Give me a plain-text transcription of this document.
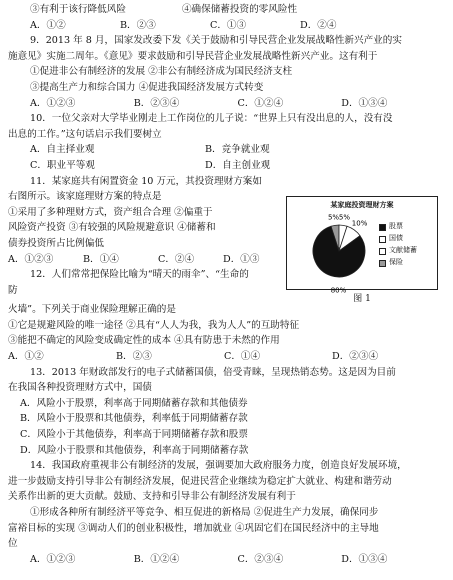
③有利于该行降低风险	④确保储蓄投资的零风险性
A．①②	B．②③	C．①③	D．②④
9．2013 年 8 月，国家发改委下发《关于鼓励和引导民营企业发展战略性新兴产业的实
施意见》实施二周年。《意见》要求鼓励和引导民营企业发展战略性新兴产业。这有利于
①促进非公有制经济的发展 ②非公有制经济成为国民经济支柱
③提高生产力和综合国力 ④促进我国经济发展方式转变
A．①②③	B．②③④	C．①②④	D．①③④
10．一位父亲对大学毕业刚走上工作岗位的儿子说：“世界上只有没出息的人，没有没
出息的工作。”这句话启示我们要树立
A．自主择业观	B．竞争就业观
C．职业平等观	D．自主创业观
11．某家庭共有闲置资金 10 万元，其投资理财方案如
右图所示。该家庭理财方案的特点是
①采用了多种理财方式，资产组合合理 ②偏重于
风险资产投资 ③有较强的风险规避意识 ④储蓄和
债券投资所占比例偏低
A．①②③	B．①④	C．②④	D．①③
某家庭投资理财方案
5% 5%
10%
80%
股票
国债
文献储蓄
保险
图 1
12．人们常常把保险比喻为“晴天的雨伞”、“生命的
防
火墙”。下列关于商业保险理解正确的是
①它是规避风险的唯一途径 ②具有“人人为我，我为人人”的互助特征
③能把不确定的风险变成确定性的成本 ④具有防患于未然的作用
A．①②	B．②③	C．①④	D．②③④
13．2013 年财政部发行的电子式储蓄国债，倍受青睐，呈现热销态势。这是因为目前
在我国各种投资理财方式中，国债
A．风险小于股票，利率高于同期储蓄存款和其他债券
B．风险小于股票和其他债券，利率低于同期储蓄存款
C．风险小于其他债券，利率高于同期储蓄存款和股票
D．风险小于股票和其他债券，利率高于同期储蓄存款
14．我国政府重视非公有制经济的发展，强调要加大政府服务力度，创造良好发展环境，
进一步鼓励支持引导非公有制经济发展，促进民营企业继续为稳定扩大就业、构建和谐劳动
关系作出新的更大贡献。鼓励、支持和引导非公有制经济发展有利于
①形成各种所有制经济平等竞争、相互促进的新格局 ②促进生产力发展，确保同步
富裕目标的实现 ③调动人们的创业积极性，增加就业 ④巩固它们在国民经济中的主导地
位
A．①②③	B．①②④	C．②③④	D．①③④
